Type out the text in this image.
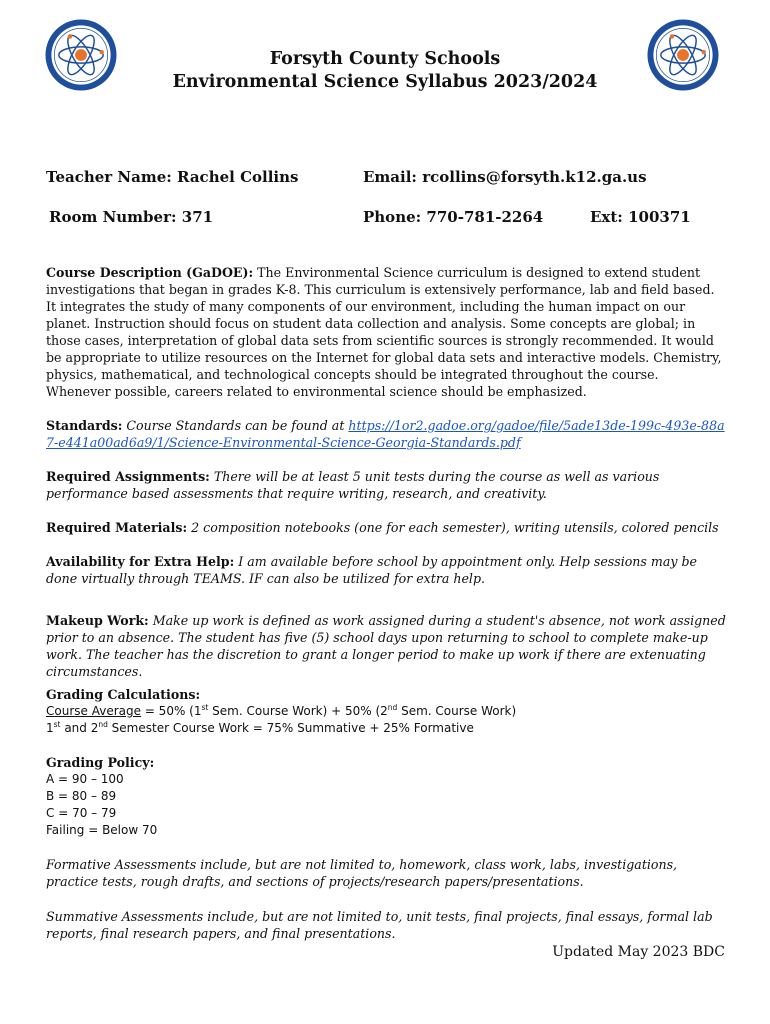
Forsyth County Schools
Environmental Science Syllabus 2023/2024
Teacher Name: Rachel Collins	Email: rcollins@forsyth.k12.ga.us
Room Number: 371	Phone: 770-781-2264	Ext: 100371
Course Description (GaDOE): The Environmental Science curriculum is designed to extend student investigations that began in grades K-8. This curriculum is extensively performance, lab and field based. It integrates the study of many components of our environment, including the human impact on our planet. Instruction should focus on student data collection and analysis. Some concepts are global; in those cases, interpretation of global data sets from scientific sources is strongly recommended. It would be appropriate to utilize resources on the Internet for global data sets and interactive models. Chemistry, physics, mathematical, and technological concepts should be integrated throughout the course. Whenever possible, careers related to environmental science should be emphasized.
Standards: Course Standards can be found at https://1or2.gadoe.org/gadoe/file/5ade13de-199c-493e-88a7-e441a00ad6a9/1/Science-Environmental-Science-Georgia-Standards.pdf
Required Assignments: There will be at least 5 unit tests during the course as well as various performance based assessments that require writing, research, and creativity.
Required Materials: 2 composition notebooks (one for each semester), writing utensils, colored pencils
Availability for Extra Help: I am available before school by appointment only. Help sessions may be done virtually through TEAMS. IF can also be utilized for extra help.
Makeup Work: Make up work is defined as work assigned during a student's absence, not work assigned prior to an absence. The student has five (5) school days upon returning to school to complete make-up work. The teacher has the discretion to grant a longer period to make up work if there are extenuating circumstances.
Grading Calculations:
Course Average = 50% (1st Sem. Course Work) + 50% (2nd Sem. Course Work)
1st and 2nd Semester Course Work = 75% Summative + 25% Formative
Grading Policy:
A = 90 – 100
B = 80 – 89
C = 70 – 79
Failing = Below 70
Formative Assessments include, but are not limited to, homework, class work, labs, investigations, practice tests, rough drafts, and sections of projects/research papers/presentations.
Summative Assessments include, but are not limited to, unit tests, final projects, final essays, formal lab reports, final research papers, and final presentations.
Updated May 2023 BDC
